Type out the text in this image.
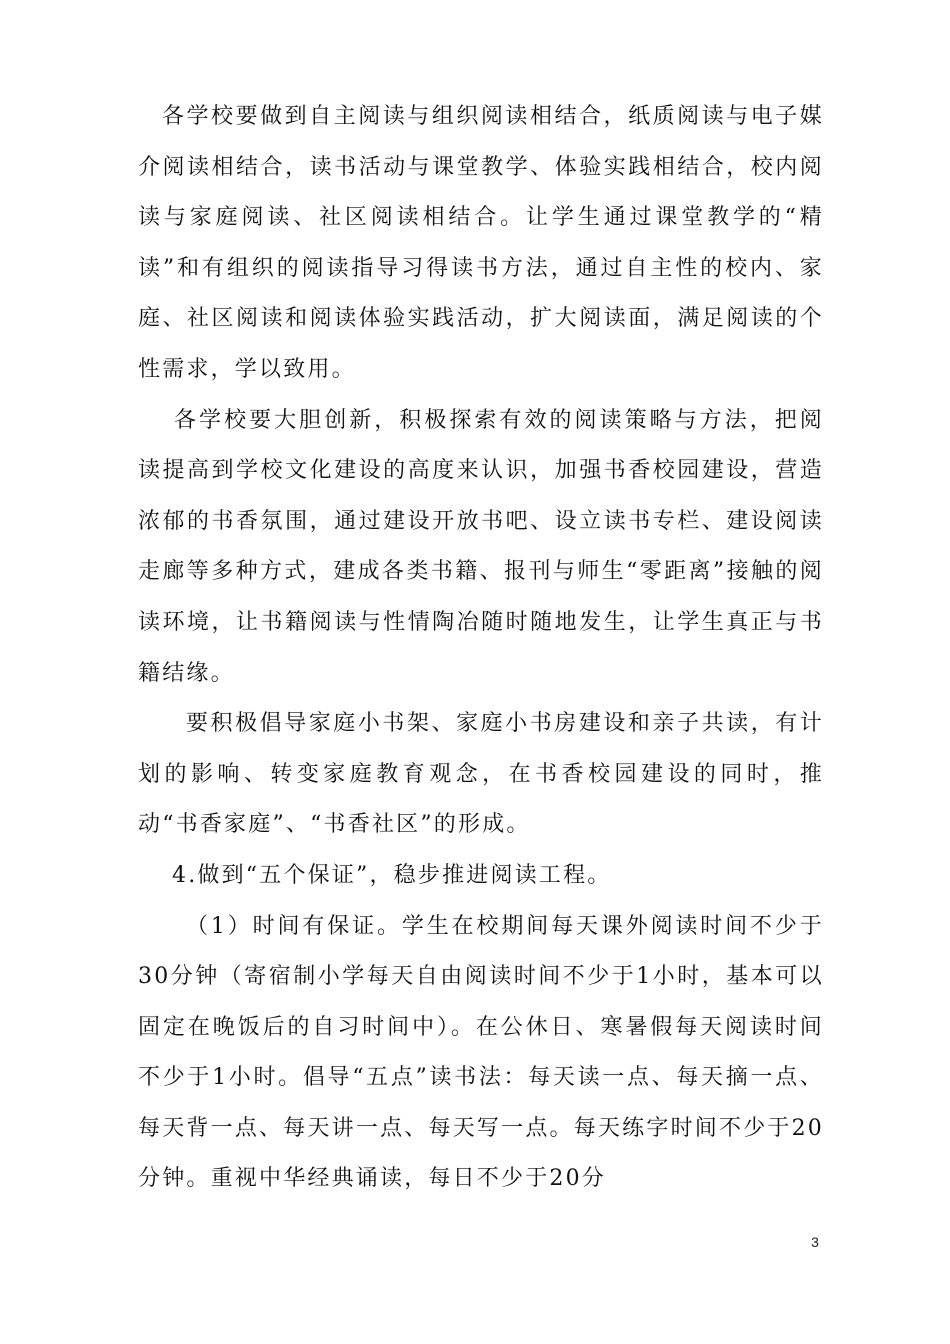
各学校要做到自主阅读与组织阅读相结合，纸质阅读与电子媒介阅读相结合，读书活动与课堂教学、体验实践相结合，校内阅读与家庭阅读、社区阅读相结合。让学生通过课堂教学的“精读”和有组织的阅读指导习得读书方法，通过自主性的校内、家庭、社区阅读和阅读体验实践活动，扩大阅读面，满足阅读的个性需求，学以致用。

各学校要大胆创新，积极探索有效的阅读策略与方法，把阅读提高到学校文化建设的高度来认识，加强书香校园建设，营造浓郁的书香氛围，通过建设开放书吧、设立读书专栏、建设阅读走廊等多种方式，建成各类书籍、报刊与师生“零距离”接触的阅读环境，让书籍阅读与性情陶冶随时随地发生，让学生真正与书籍结缘。

要积极倡导家庭小书架、家庭小书房建设和亲子共读，有计划的影响、转变家庭教育观念，在书香校园建设的同时，推动“书香家庭”、“书香社区”的形成。

4.做到“五个保证”，稳步推进阅读工程。

（1）时间有保证。学生在校期间每天课外阅读时间不少于30分钟（寄宿制小学每天自由阅读时间不少于1小时，基本可以固定在晚饭后的自习时间中）。在公休日、寒暑假每天阅读时间不少于1小时。倡导“五点”读书法：每天读一点、每天摘一点、每天背一点、每天讲一点、每天写一点。每天练字时间不少于20分钟。重视中华经典诵读，每日不少于20分

3
